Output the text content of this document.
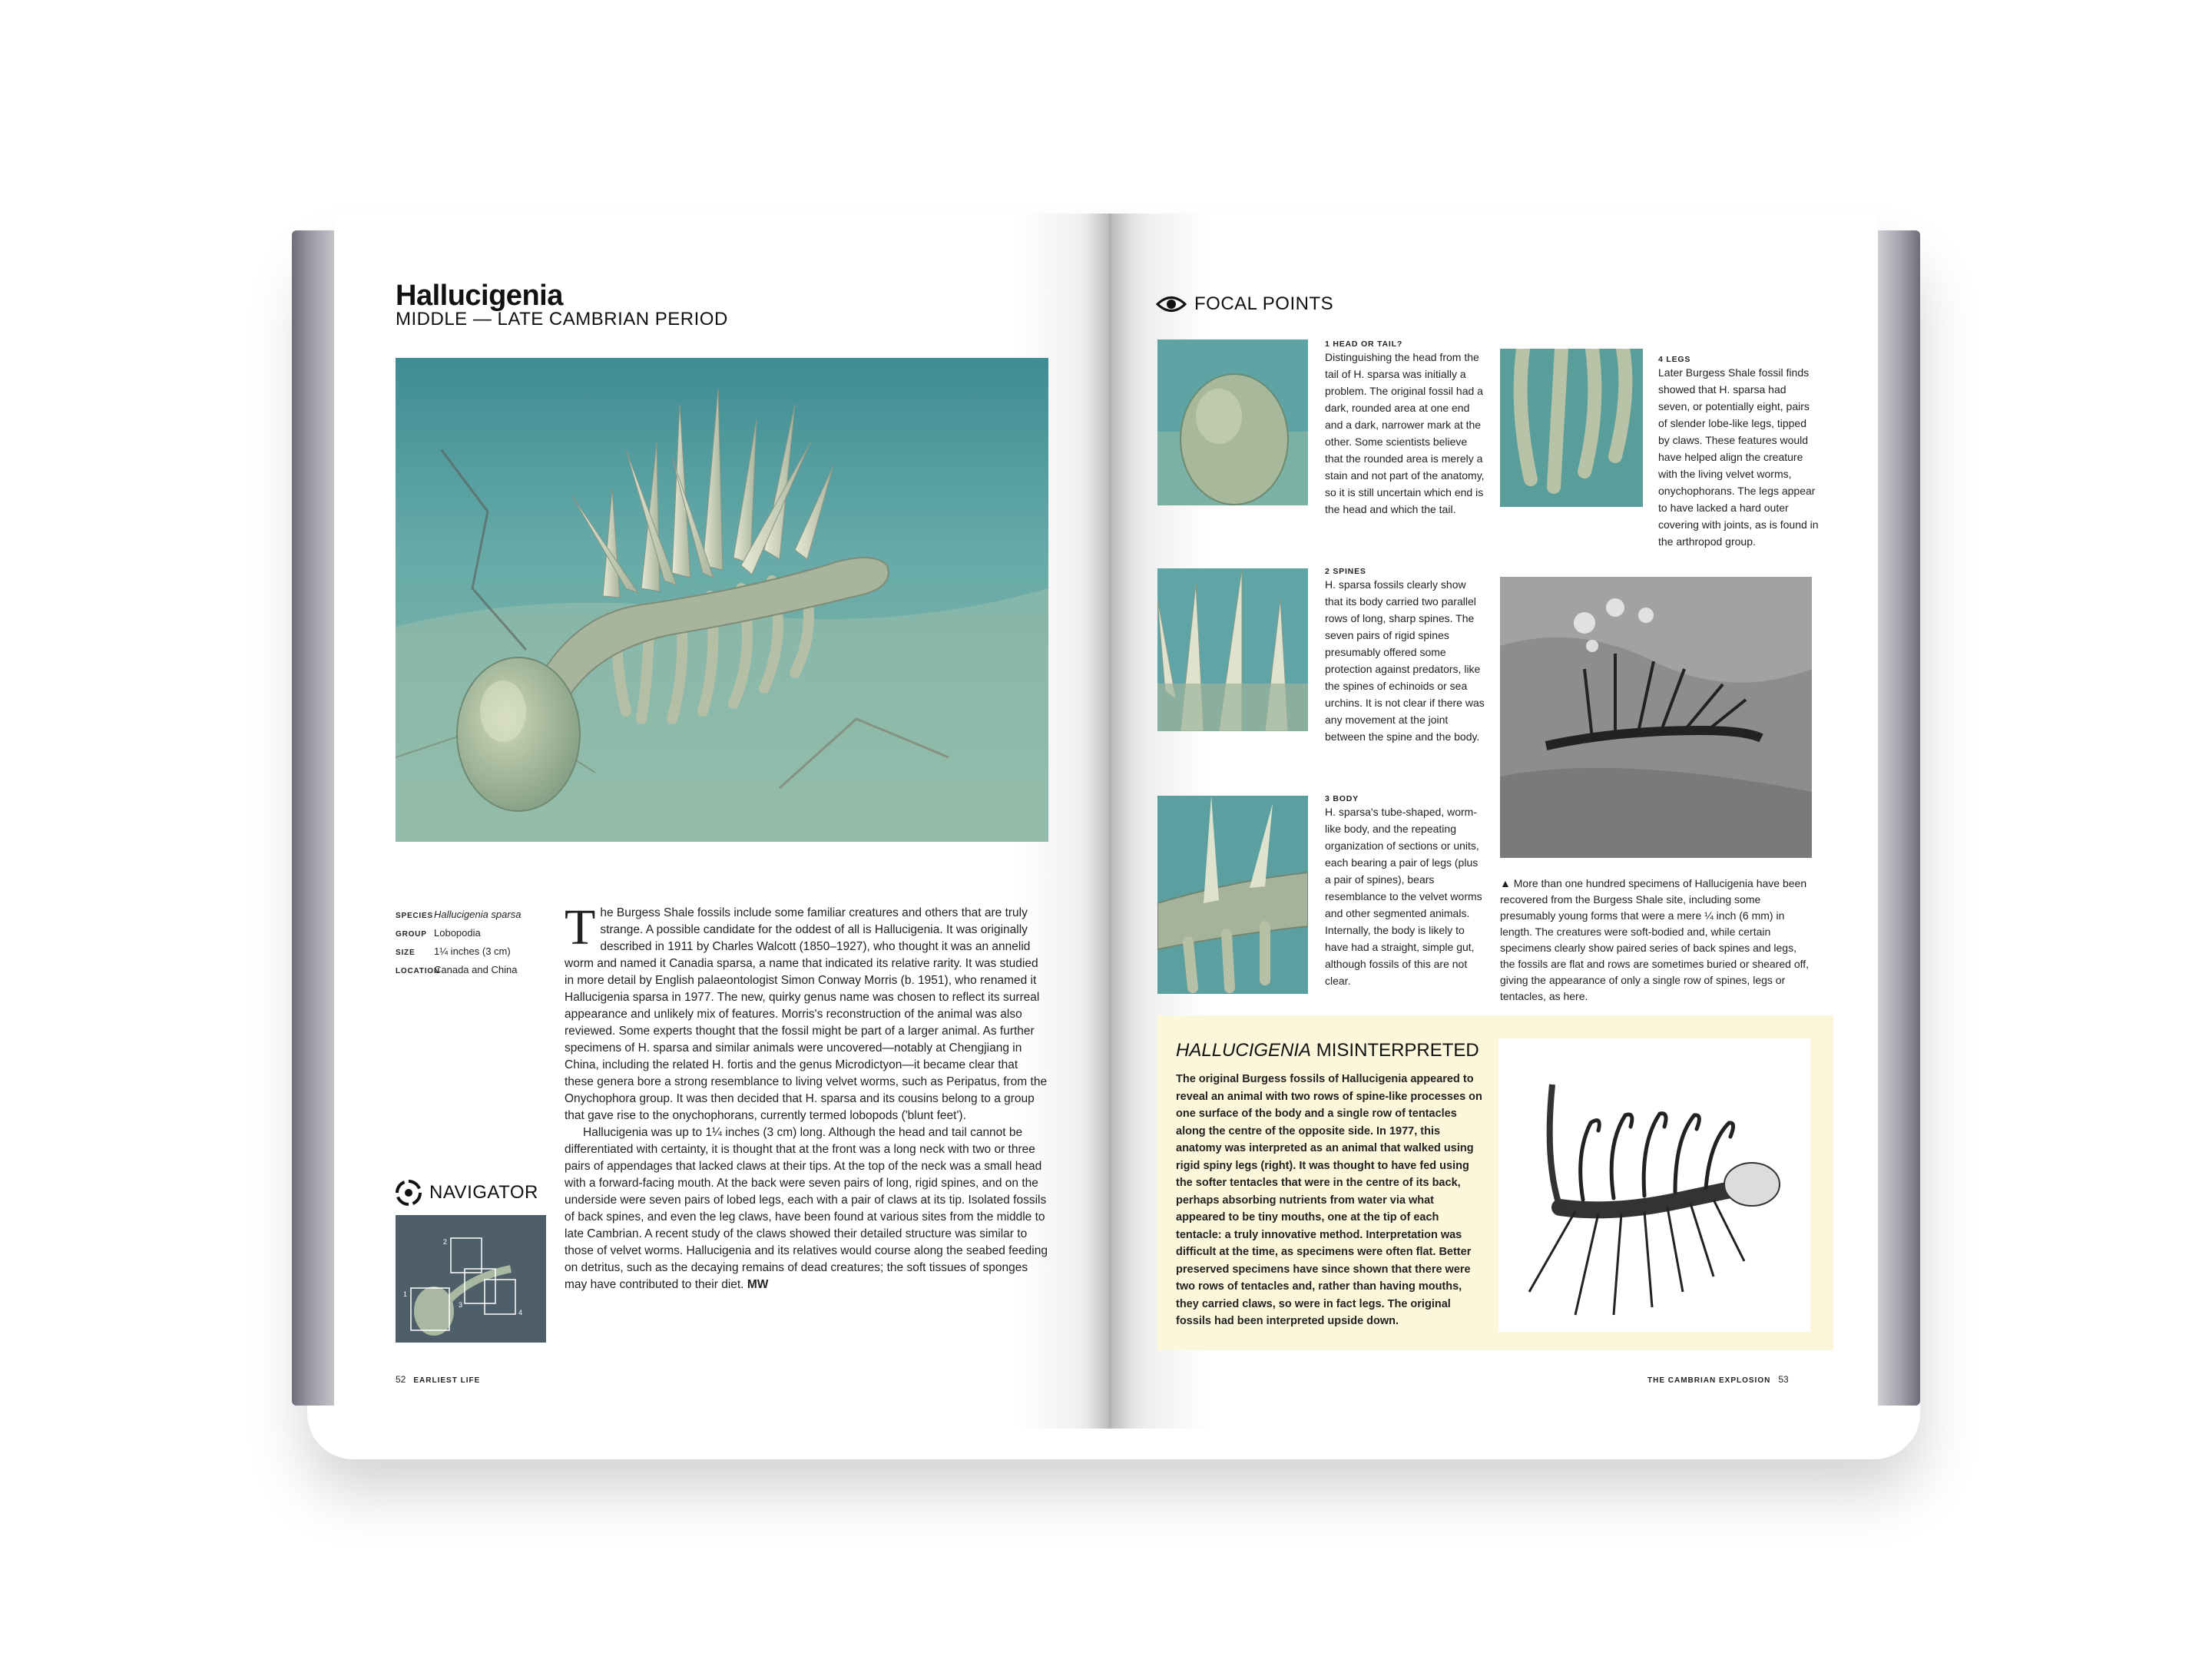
Hallucigenia
MIDDLE — LATE CAMBRIAN PERIOD
SPECIESHallucigenia sparsa
GROUP Lobopodia
SIZE 1¼ inches (3 cm)
LOCATIONCanada and China

The Burgess Shale fossils include some familiar creatures and others that are truly strange. A possible candidate for the oddest of all is Hallucigenia. It was originally described in 1911 by Charles Walcott (1850–1927), who thought it was an annelid worm and named it Canadia sparsa, a name that indicated its relative rarity. It was studied in more detail by English palaeontologist Simon Conway Morris (b. 1951), who renamed it Hallucigenia sparsa in 1977. The new, quirky genus name was chosen to reflect its surreal appearance and unlikely mix of features. Morris's reconstruction of the animal was also reviewed. Some experts thought that the fossil might be part of a larger animal. As further specimens of H. sparsa and similar animals were uncovered—notably at Chengjiang in China, including the related H. fortis and the genus Microdictyon—it became clear that these genera bore a strong resemblance to living velvet worms, such as Peripatus, from the Onychophora group. It was then decided that H. sparsa and its cousins belong to a group that gave rise to the onychophorans, currently termed lobopods ('blunt feet').

Hallucigenia was up to 1¼ inches (3 cm) long. Although the head and tail cannot be differentiated with certainty, it is thought that at the front was a long neck with two or three pairs of appendages that lacked claws at their tips. At the top of the neck was a small head with a forward-facing mouth. At the back were seven pairs of long, rigid spines, and on the underside were seven pairs of lobed legs, each with a pair of claws at its tip. Isolated fossils of back spines, and even the leg claws, have been found at various sites from the middle to late Cambrian. A recent study of the claws showed their detailed structure was similar to those of velvet worms. Hallucigenia and its relatives would course along the seabed feeding on detritus, such as the decaying remains of dead creatures; the soft tissues of sponges may have contributed to their diet. MW

NAVIGATOR
1
2
3
4
52 EARLIEST LIFE
FOCAL POINTS
1 HEAD OR TAIL?
Distinguishing the head from the tail of H. sparsa was initially a problem. The original fossil had a dark, rounded area at one end and a dark, narrower mark at the other. Some scientists believe that the rounded area is merely a stain and not part of the anatomy, so it is still uncertain which end is the head and which the tail.
4 LEGS
Later Burgess Shale fossil finds showed that H. sparsa had seven, or potentially eight, pairs of slender lobe-like legs, tipped by claws. These features would have helped align the creature with the living velvet worms, onychophorans. The legs appear to have lacked a hard outer covering with joints, as is found in the arthropod group.
2 SPINES
H. sparsa fossils clearly show that its body carried two parallel rows of long, sharp spines. The seven pairs of rigid spines presumably offered some protection against predators, like the spines of echinoids or sea urchins. It is not clear if there was any movement at the joint between the spine and the body.
▲ More than one hundred specimens of Hallucigenia have been recovered from the Burgess Shale site, including some presumably young forms that were a mere ¼ inch (6 mm) in length. The creatures were soft-bodied and, while certain specimens clearly show paired series of back spines and legs, the fossils are flat and rows are sometimes buried or sheared off, giving the appearance of only a single row of spines, legs or tentacles, as here.
3 BODY
H. sparsa's tube-shaped, worm-like body, and the repeating organization of sections or units, each bearing a pair of legs (plus a pair of spines), bears resemblance to the velvet worms and other segmented animals. Internally, the body is likely to have had a straight, simple gut, although fossils of this are not clear.
HALLUCIGENIA MISINTERPRETED
The original Burgess fossils of Hallucigenia appeared to reveal an animal with two rows of spine-like processes on one surface of the body and a single row of tentacles along the centre of the opposite side. In 1977, this anatomy was interpreted as an animal that walked using rigid spiny legs (right). It was thought to have fed using the softer tentacles that were in the centre of its back, perhaps absorbing nutrients from water via what appeared to be tiny mouths, one at the tip of each tentacle: a truly innovative method. Interpretation was difficult at the time, as specimens were often flat. Better preserved specimens have since shown that there were two rows of tentacles and, rather than having mouths, they carried claws, so were in fact legs. The original fossils had been interpreted upside down.
THE CAMBRIAN EXPLOSION 53
